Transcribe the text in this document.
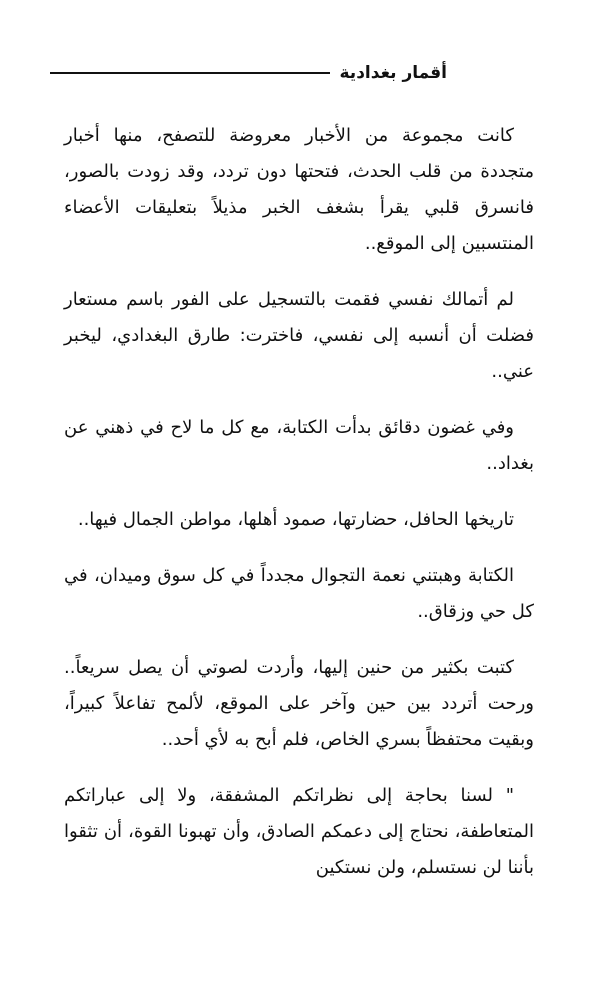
أقمار بغدادية

كانت مجموعة من الأخبار معروضة للتصفح، منها أخبار متجددة من قلب الحدث، فتحتها دون تردد، وقد زودت بالصور، فانسرق قلبي يقرأ بشغف الخبر مذيلاً بتعليقات الأعضاء المنتسبين إلى الموقع..

لم أتمالك نفسي فقمت بالتسجيل على الفور باسم مستعار فضلت أن أنسبه إلى نفسي، فاخترت: طارق البغدادي، ليخبر عني..

وفي غضون دقائق بدأت الكتابة، مع كل ما لاح في ذهني عن بغداد..

تاريخها الحافل، حضارتها، صمود أهلها، مواطن الجمال فيها..

الكتابة وهبتني نعمة التجوال مجدداً في كل سوق وميدان، في كل حي وزقاق..

كتبت بكثير من حنين إليها، وأردت لصوتي أن يصل سريعاً.. ورحت أتردد بين حين وآخر على الموقع، لألمح تفاعلاً كبيراً، وبقيت محتفظاً بسري الخاص، فلم أبح به لأي أحد..

" لسنا بحاجة إلى نظراتكم المشفقة، ولا إلى عباراتكم المتعاطفة، نحتاج إلى دعمكم الصادق، وأن تهبونا القوة، أن تثقوا بأننا لن نستسلم، ولن نستكين
